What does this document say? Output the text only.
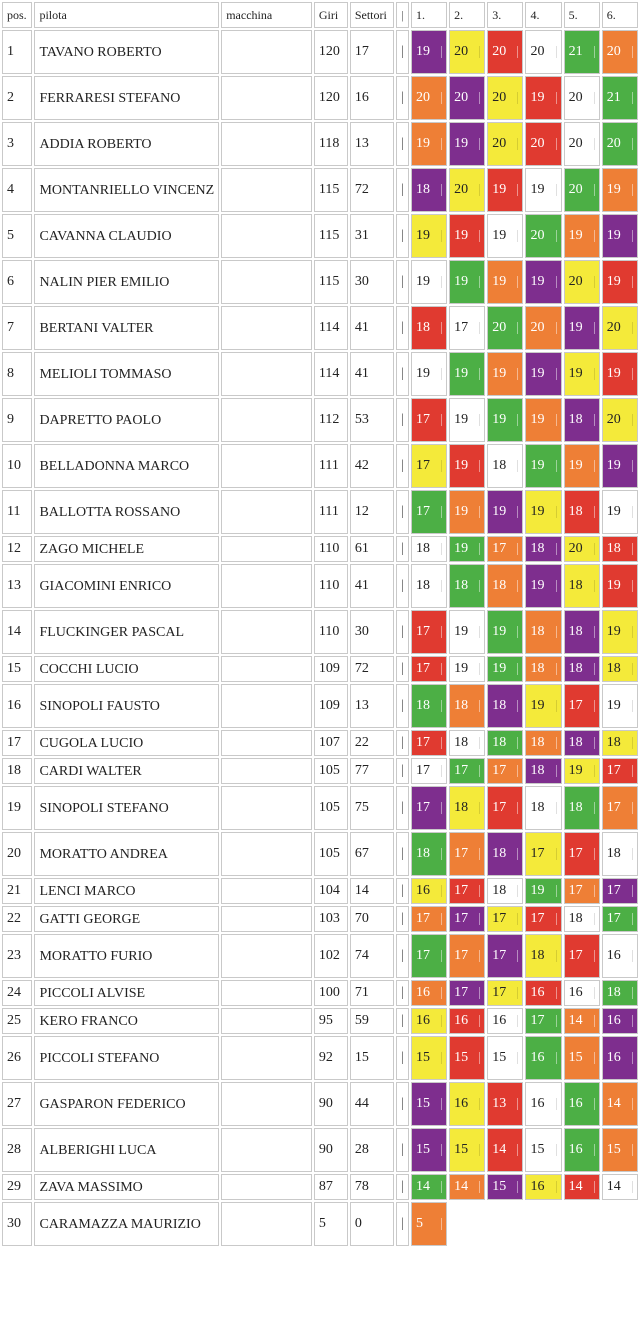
pos.	pilota	macchina	Giri	Settori	|	1.	2.	3.	4.	5.	6.
1	TAVANO ROBERTO		120	17	|	19	20	20	20	21	20

2	FERRARESI STEFANO		120	16	|	20	20	20	19	20	21

3	ADDIA ROBERTO		118	13	|	19	19	20	20	20	20

4	MONTANRIELLO VINCENZ		115	72	|	18	20	19	19	20	19

5	CAVANNA CLAUDIO		115	31	|	19	19	19	20	19	19

6	NALIN PIER EMILIO		115	30	|	19	19	19	19	20	19

7	BERTANI VALTER		114	41	|	18	17	20	20	19	20

8	MELIOLI TOMMASO		114	41	|	19	19	19	19	19	19

9	DAPRETTO PAOLO		112	53	|	17	19	19	19	18	20

10	BELLADONNA MARCO		111	42	|	17	19	18	19	19	19

11	BALLOTTA ROSSANO		111	12	|	17	19	19	19	18	19

12	ZAGO MICHELE		110	61	|	18	19	17	18	20	18

13	GIACOMINI ENRICO		110	41	|	18	18	18	19	18	19

14	FLUCKINGER PASCAL		110	30	|	17	19	19	18	18	19

15	COCCHI LUCIO		109	72	|	17	19	19	18	18	18

16	SINOPOLI FAUSTO		109	13	|	18	18	18	19	17	19

17	CUGOLA LUCIO		107	22	|	17	18	18	18	18	18

18	CARDI WALTER		105	77	|	17	17	17	18	19	17

19	SINOPOLI STEFANO		105	75	|	17	18	17	18	18	17

20	MORATTO ANDREA		105	67	|	18	17	18	17	17	18

21	LENCI MARCO		104	14	|	16	17	18	19	17	17

22	GATTI GEORGE		103	70	|	17	17	17	17	18	17

23	MORATTO FURIO		102	74	|	17	17	17	18	17	16

24	PICCOLI ALVISE		100	71	|	16	17	17	16	16	18

25	KERO FRANCO		95	59	|	16	16	16	17	14	16

26	PICCOLI STEFANO		92	15	|	15	15	15	16	15	16

27	GASPARON FEDERICO		90	44	|	15	16	13	16	16	14

28	ALBERIGHI LUCA		90	28	|	15	15	14	15	16	15

29	ZAVA MASSIMO		87	78	|	14	14	15	16	14	14

30	CARAMAZZA MAURIZIO		5	0	|	5					
